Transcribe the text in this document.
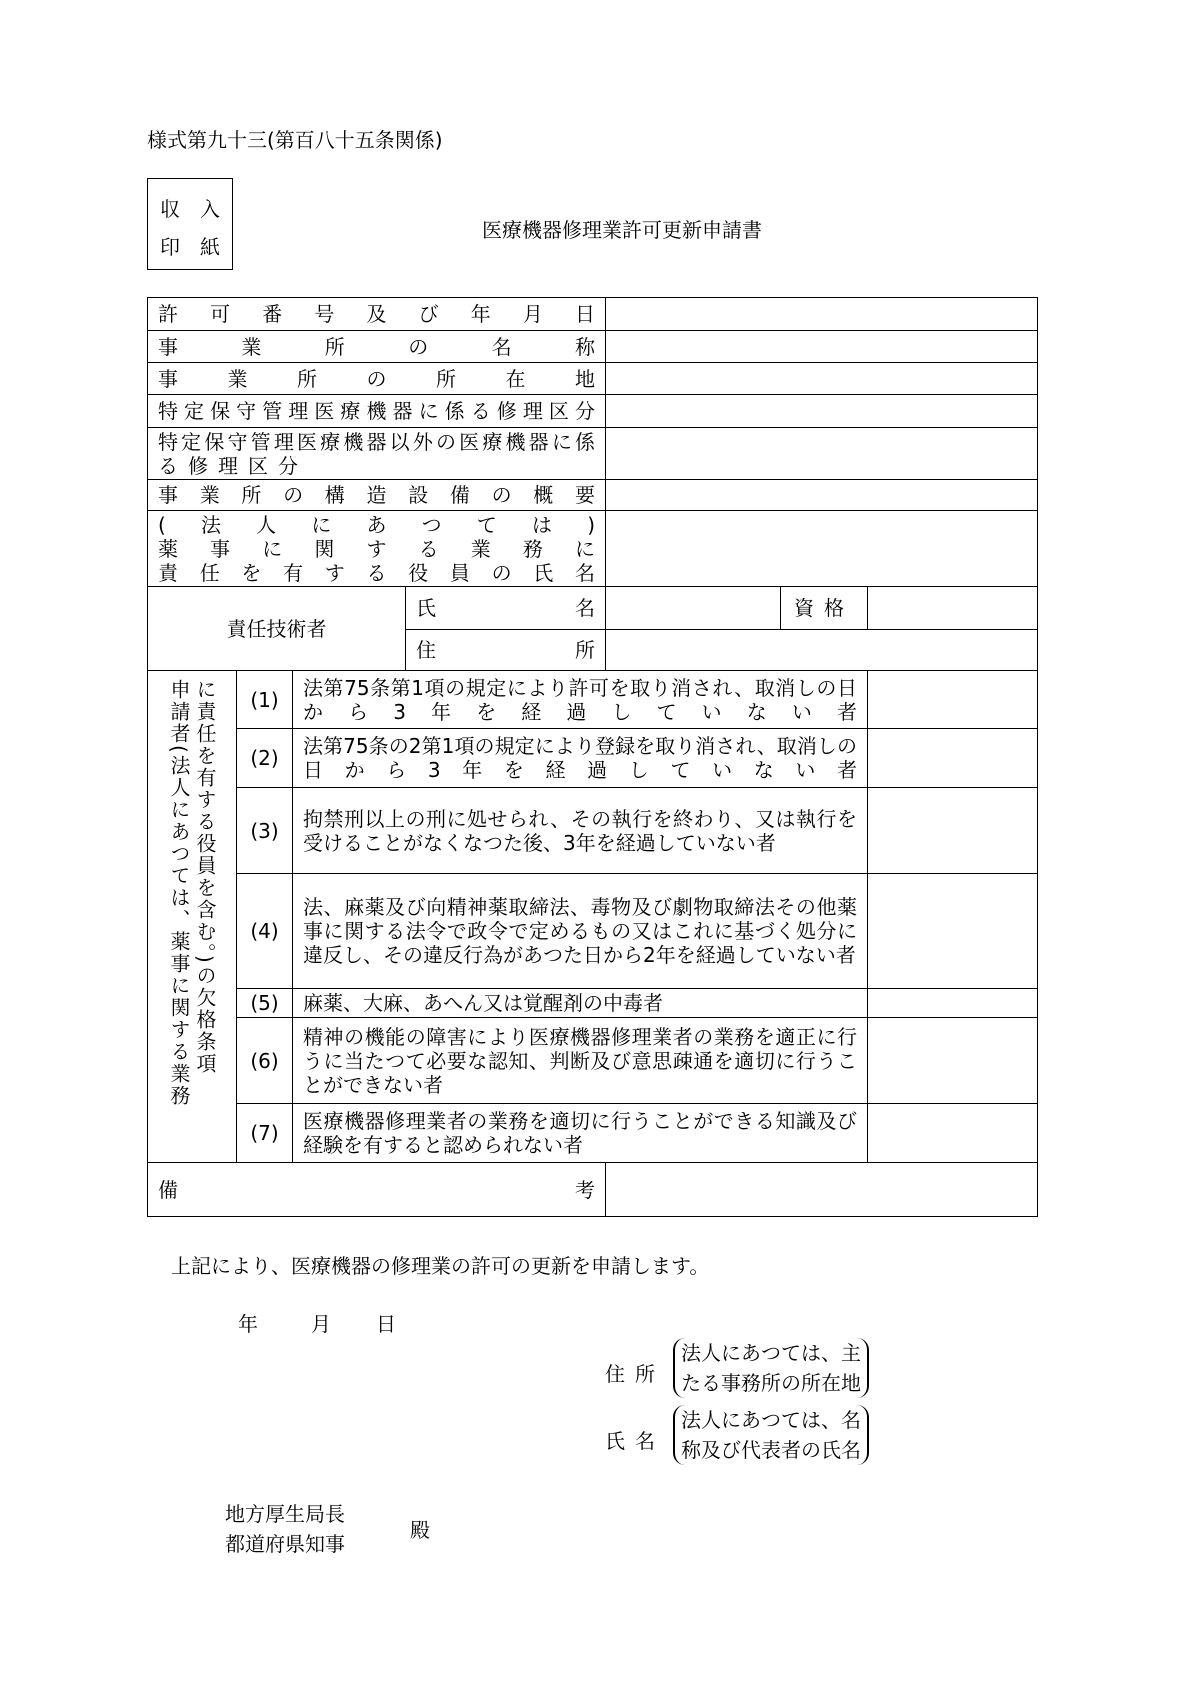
様式第九十三(第百八十五条関係)
収　入
印　紙
医療機器修理業許可更新申請書
許可番号及び年月日						
事業所の名称						
事業所の所在地						
特定保守管理医療機器に係る修理区分						

特定保守管理医療機器以外の医療機器に係
る修理区分						

事業所の構造設備の概要						

(法人にあつては)
薬事に関する業務に
責任を有する役員の氏名						

責任技術者			氏名		資格	
			住所			

申請者(法人にあつては、薬事に関する業務 に責任を有する役員を含む。)の欠格条項	(1)	法第75条第1項の規定により許可を取り消され、取消しの日から3年を経過していない者				
	(2)	法第75条の2第1項の規定により登録を取り消され、取消しの日から3年を経過していない者				
	(3)	拘禁刑以上の刑に処せられ、その執行を終わり、又は執行を受けることがなくなつた後、3年を経過していない者				
	(4)	法、麻薬及び向精神薬取締法、毒物及び劇物取締法その他薬事に関する法令で政令で定めるもの又はこれに基づく処分に違反し、その違反行為があつた日から2年を経過していない者				
	(5)	麻薬、大麻、あへん又は覚醒剤の中毒者				
	(6)	精神の機能の障害により医療機器修理業者の業務を適正に行うに当たつて必要な認知、判断及び意思疎通を適切に行うことができない者				
	(7)	医療機器修理業者の業務を適切に行うことができる知識及び経験を有すると認められない者				
備考						
上記により、医療機器の修理業の許可の更新を申請します。
年	月 日
住所
法人にあつては、主
たる事務所の所在地
氏名
法人にあつては、名
称及び代表者の氏名
地方厚生局長
都道府県知事
殿
